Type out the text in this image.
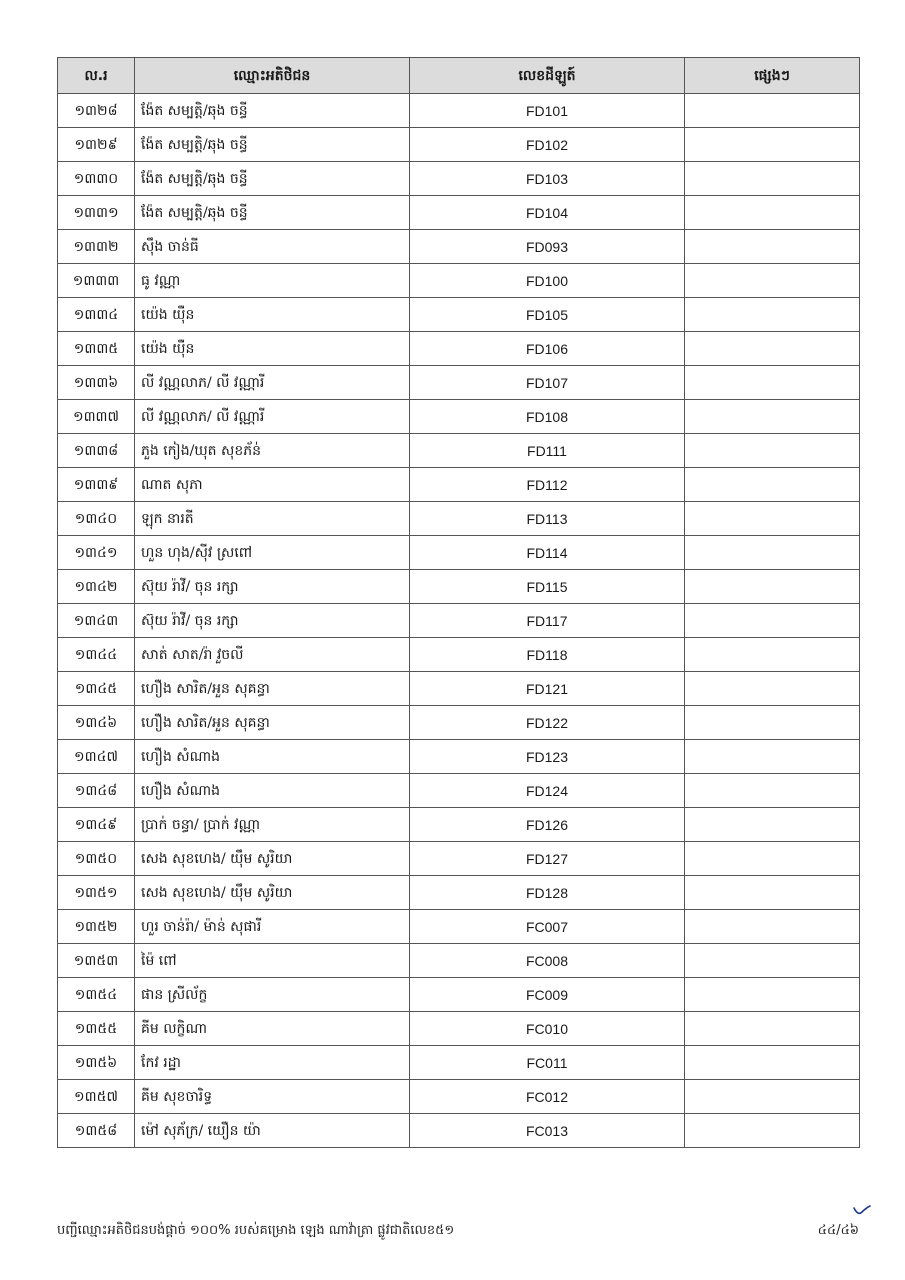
ល.រ	ឈ្មោះអតិថិជន	លេខដីឡូត៍	ផ្សេងៗ
១៣២៨	ង៉ែត សម្បត្តិ/ឆុង ចន្ធី	FD101	
១៣២៩	ង៉ែត សម្បត្តិ/ឆុង ចន្ធី	FD102	
១៣៣០	ង៉ែត សម្បត្តិ/ឆុង ចន្ធី	FD103	
១៣៣១	ង៉ែត សម្បត្តិ/ឆុង ចន្ធី	FD104	
១៣៣២	ស៊ឹង ចាន់ធី	FD093	
១៣៣៣	ធូ វណ្ណា	FD100	
១៣៣៤	យ៉េង យ៉ឺន	FD105	
១៣៣៥	យ៉េង យ៉ឺន	FD106	
១៣៣៦	លី វណ្ណលាភ/ លី វណ្ណារី	FD107	
១៣៣៧	លី វណ្ណលាភ/ លី វណ្ណារី	FD108	
១៣៣៨	ភួង កៀង/ឃុត សុខភ័ន់	FD111	
១៣៣៩	ណាត សុភា	FD112	
១៣៤០	ឡុក នារតី	FD113	
១៣៤១	ហួន ហុង/ស៊ីវ ស្រពៅ	FD114	
១៣៤២	ស៊ុយ រ៉ាវី/ ចុន រក្សា	FD115	
១៣៤៣	ស៊ុយ រ៉ាវី/ ចុន រក្សា	FD117	
១៣៤៤	សាត់ សាត/រ៉ា វួចលី	FD118	
១៣៤៥	ហឿង សារិត/អួន សុគន្ធា	FD121	
១៣៤៦	ហឿង សារិត/អួន សុគន្ធា	FD122	
១៣៤៧	ហឿង សំណាង	FD123	
១៣៤៨	ហឿង សំណាង	FD124	
១៣៤៩	ប្រាក់ ចន្ធា/ ប្រាក់ វណ្ណា	FD126	
១៣៥០	សេង សុខហេង/ យ៉ឹម សូរិយា	FD127	
១៣៥១	សេង សុខហេង/ យ៉ឹម សូរិយា	FD128	
១៣៥២	ហួរ ចាន់រ៉ា/ ម៉ាន់ សុផារី	FC007	
១៣៥៣	ម៉ៃ ពៅ	FC008	
១៣៥៤	ផាន ស្រីល័ក្ខ	FC009	
១៣៥៥	គីម លក្ខិណា	FC010	
១៣៥៦	កែវ រដ្ឋា	FC011	
១៣៥៧	គីម សុខចារិទ្ធ	FC012	
១៣៥៨	ម៉ៅ សុភ័ក្រ/ យឿន យ៉ា	FC013	
បញ្ជីឈ្មោះអតិថិជនបង់ផ្តាច់ ១០០% របស់គម្រោង ឡេង ណាវ៉ាត្រា ផ្លូវជាតិលេខ៥១	៤៤/៤៦
